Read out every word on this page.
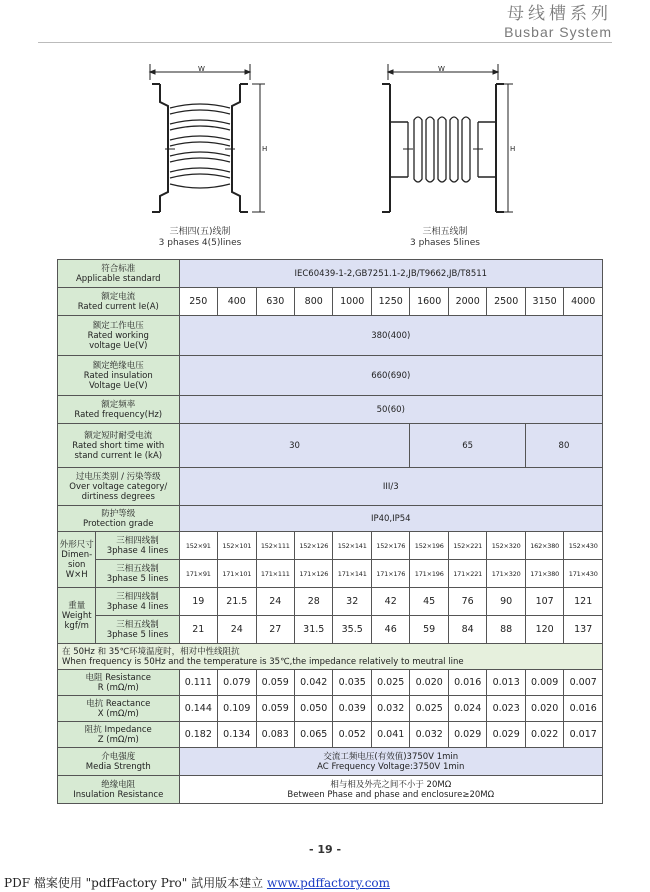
母线槽系列
Busbar System
W
H
三相四(五)线制
3 phases 4(5)lines
W
H
三相五线制
3 phases 5lines
符合标准
Applicable standard		IEC60439-1-2,GB7251.1-2,JB/T9662,JB/T8511										

额定电流
Rated current Ie(A)		250	400	630	800	1000	1250	1600	2000	2500	3150	4000

额定工作电压
Rated working
voltage Ue(V)		380(400)										

额定绝缘电压
Rated insulation
Voltage Ue(V)		660(690)										

额定频率
Rated frequency(Hz)		50(60)										

额定短时耐受电流
Rated short time with
stand current Ie (kA)		30						65			80	

过电压类别 / 污染等级
Over voltage category/
dirtiness degrees		III/3										

防护等级
Protection grade		IP40,IP54										

外形尺寸
Dimen-
sion
W×H	三相四线制
3phase 4 lines	152×91	152×101	152×111	152×126	152×141	152×176	152×196	152×221	152×320	162×380	152×430

	三相五线制
3phase 5 lines	171×91	171×101	171×111	171×126	171×141	171×176	171×196	171×221	171×320	171×380	171×430

重量
Weight
kgf/m	三相四线制
3phase 4 lines	19	21.5	24	28	32	42	45	76	90	107	121

	三相五线制
3phase 5 lines	21	24	27	31.5	35.5	46	59	84	88	120	137

在 50Hz 和 35℃环境温度时，相对中性线阻抗
When frequency is 50Hz and the temperature is 35℃,the impedance relatively to meutral line												

电阻 Resistance
R (mΩ/m)		0.111	0.079	0.059	0.042	0.035	0.025	0.020	0.016	0.013	0.009	0.007

电抗 Reactance
X (mΩ/m)		0.144	0.109	0.059	0.050	0.039	0.032	0.025	0.024	0.023	0.020	0.016

阻抗 Impedance
Z (mΩ/m)		0.182	0.134	0.083	0.065	0.052	0.041	0.032	0.029	0.029	0.022	0.017

介电强度
Media Strength		交流工频电压(有效值)3750V 1min
AC Frequency Voltage:3750V 1min										

绝缘电阻
Insulation Resistance		相与相及外壳之间不小于 20MΩ
Between Phase and phase and enclosure≥20MΩ										
- 19 -
PDF 檔案使用 "pdfFactory Pro" 試用版本建立 www.pdffactory.com
